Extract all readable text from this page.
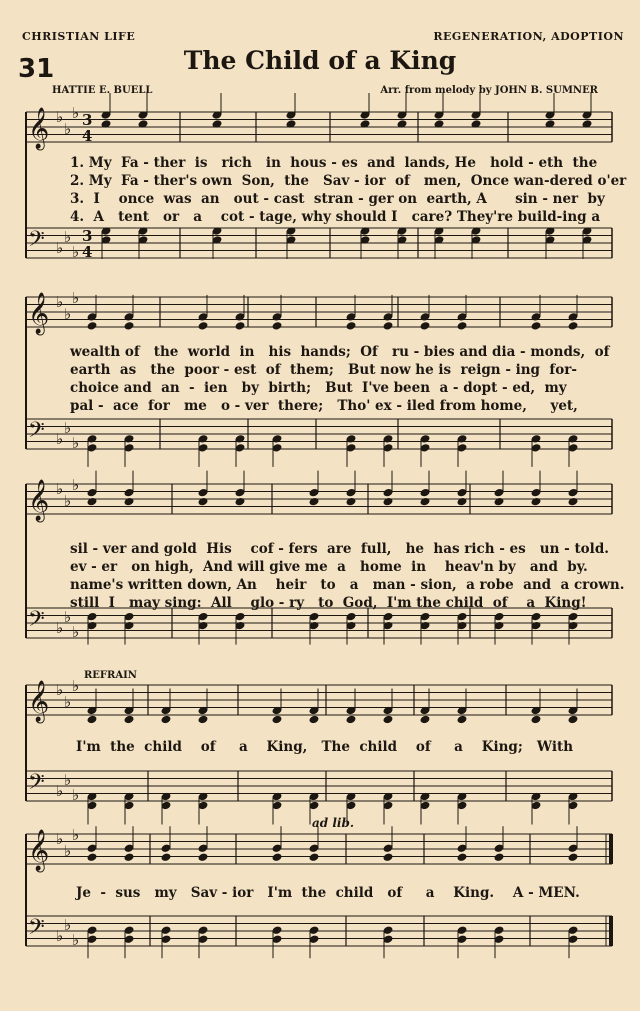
CHRISTIAN LIFE	REGENERATION, ADOPTION
31	The Child of a King
HATTIE E. BUELL	Arr. from melody by JOHN B. SUMNER
𝄞 ♭
♭
♭ 3
4
𝄢 ♭
♭
♭
3
4
𝄞 ♭
♭
♭
𝄢 ♭
♭
♭
𝄞 ♭
♭
♭
𝄢 ♭
♭
♭
𝄞 ♭
♭
♭
𝄢 ♭
♭
♭
𝄞 ♭
♭
♭
𝄢 ♭
♭
♭
1. My  Fa - ther  is   rich   in  hous - es  and  lands, He   hold - eth  the
2. My  Fa - ther's own  Son,  the   Sav - ior  of   men,  Once wan-dered o'er
3.  I    once  was  an   out - cast  stran - ger on  earth, A      sin - ner  by
4.  A   tent   or   a    cot - tage, why should I   care? They're build-ing a
wealth of   the  world  in   his  hands;  Of   ru - bies and dia - monds,  of
earth  as   the  poor - est  of  them;   But now he is  reign - ing  for-
choice and  an  -  ien   by  birth;   But  I've been  a - dopt - ed,  my
pal -  ace  for   me   o - ver  there;   Tho' ex - iled from home,     yet,
sil - ver and gold  His    cof - fers  are  full,   he  has rich - es   un - told.
ev - er   on high,  And will give me  a   home  in    heav'n by   and  by.
name's written down, An    heir   to   a   man - sion,  a robe  and  a crown.
still  I   may sing:  All    glo - ry   to  God,  I'm the child  of    a  King!
REFRAIN
I'm  the  child    of     a    King,   The  child    of     a    King;   With
ad lib.
Je  -  sus   my   Sav - ior   I'm  the  child   of     a    King.    A - MEN.
